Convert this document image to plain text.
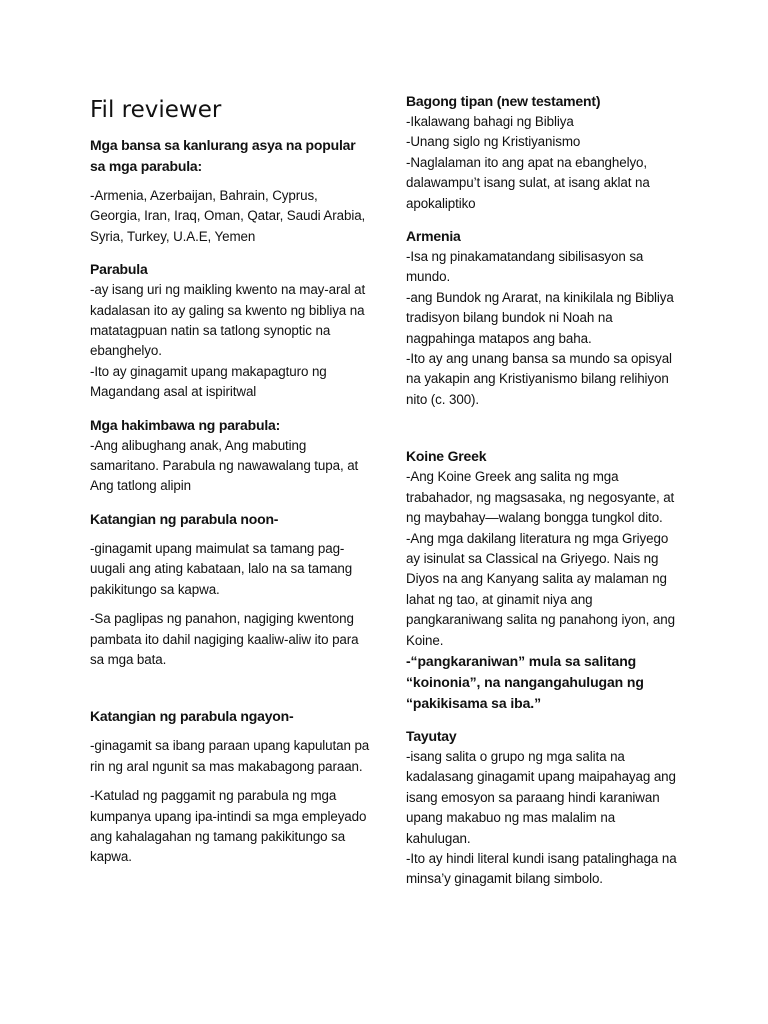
Fil reviewer
Mga bansa sa kanlurang asya na popular sa mga parabula:

-Armenia, Azerbaijan, Bahrain, Cyprus, Georgia, Iran, Iraq, Oman, Qatar, Saudi Arabia, Syria, Turkey, U.A.E, Yemen

Parabula

-ay isang uri ng maikling kwento na may-aral at kadalasan ito ay galing sa kwento ng bibliya na matatagpuan natin sa tatlong synoptic na ebanghelyo.

-Ito ay ginagamit upang makapagturo ng Magandang asal at ispiritwal

Mga hakimbawa ng parabula:

-Ang alibughang anak, Ang mabuting samaritano. Parabula ng nawawalang tupa, at Ang tatlong alipin

Katangian ng parabula noon-

-ginagamit upang maimulat sa tamang pag-uugali ang ating kabataan, lalo na sa tamang pakikitungo sa kapwa.

-Sa paglipas ng panahon, nagiging kwentong pambata ito dahil nagiging kaaliw-aliw ito para sa mga bata.

Katangian ng parabula ngayon-

-ginagamit sa ibang paraan upang kapulutan pa rin ng aral ngunit sa mas makabagong paraan.

-Katulad ng paggamit ng parabula ng mga kumpanya upang ipa-intindi sa mga empleyado ang kahalagahan ng tamang pakikitungo sa kapwa.

Bagong tipan (new testament)

-Ikalawang bahagi ng Bibliya

-Unang siglo ng Kristiyanismo

-Naglalaman ito ang apat na ebanghelyo, dalawampu’t isang sulat, at isang aklat na apokaliptiko

Armenia

-Isa ng pinakamatandang sibilisasyon sa mundo.

-ang Bundok ng Ararat, na kinikilala ng Bibliya tradisyon bilang bundok ni Noah na nagpahinga matapos ang baha.

-Ito ay ang unang bansa sa mundo sa opisyal na yakapin ang Kristiyanismo bilang relihiyon nito (c. 300).

Koine Greek

-Ang Koine Greek ang salita ng mga trabahador, ng magsasaka, ng negosyante, at ng maybahay—walang bongga tungkol dito.

-Ang mga dakilang literatura ng mga Griyego ay isinulat sa Classical na Griyego. Nais ng Diyos na ang Kanyang salita ay malaman ng lahat ng tao, at ginamit niya ang pangkaraniwang salita ng panahong iyon, ang Koine.

-“pangkaraniwan” mula sa salitang “koinonia”, na nangangahulugan ng “pakikisama sa iba.”

Tayutay

-isang salita o grupo ng mga salita na kadalasang ginagamit upang maipahayag ang isang emosyon sa paraang hindi karaniwan upang makabuo ng mas malalim na kahulugan.

-Ito ay hindi literal kundi isang patalinghaga na minsa’y ginagamit bilang simbolo.
